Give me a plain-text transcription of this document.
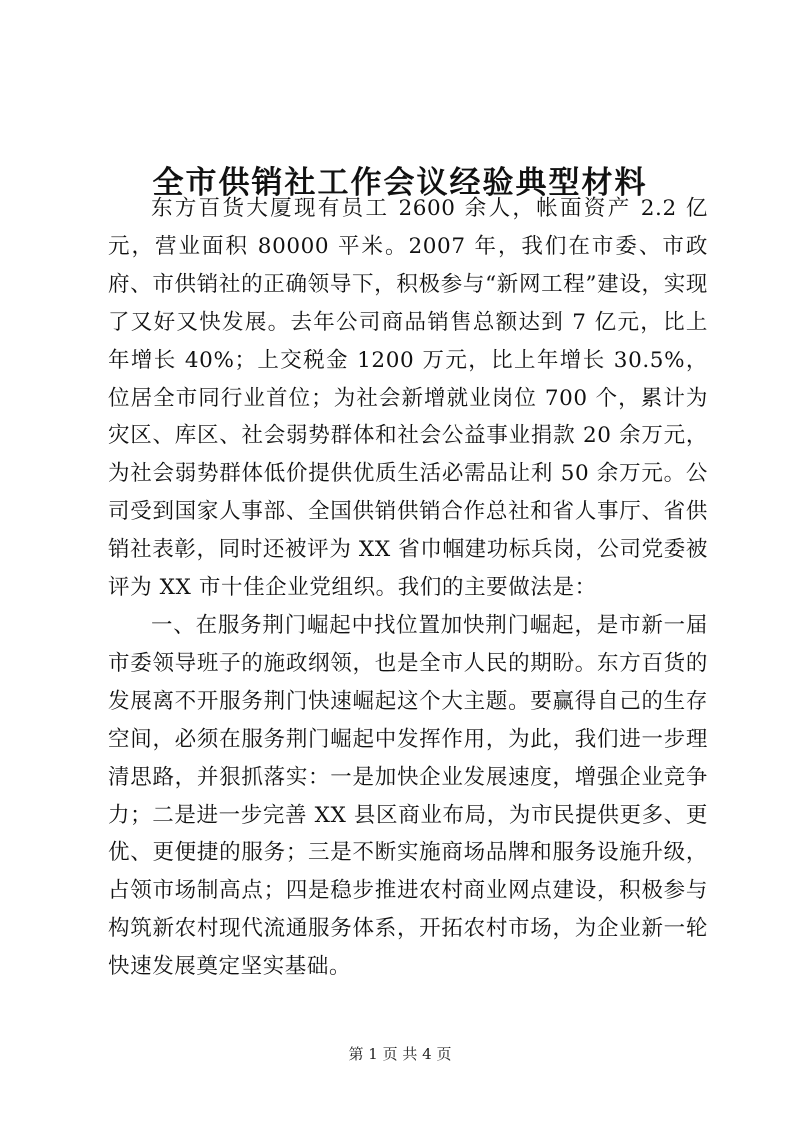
全市供销社工作会议经验典型材料

东方百货大厦现有员工 2600 余人，帐面资产 2.2 亿元，营业面积 80000 平米。2007 年，我们在市委、市政府、市供销社的正确领导下，积极参与“新网工程”建设，实现了又好又快发展。去年公司商品销售总额达到 7 亿元，比上年增长 40%；上交税金 1200 万元，比上年增长 30.5%，位居全市同行业首位；为社会新增就业岗位 700 个，累计为灾区、库区、社会弱势群体和社会公益事业捐款 20 余万元，为社会弱势群体低价提供优质生活必需品让利 50 余万元。公司受到国家人事部、全国供销供销合作总社和省人事厅、省供销社表彰，同时还被评为 XX 省巾帼建功标兵岗，公司党委被评为 XX 市十佳企业党组织。我们的主要做法是：

一、在服务荆门崛起中找位置加快荆门崛起，是市新一届市委领导班子的施政纲领，也是全市人民的期盼。东方百货的发展离不开服务荆门快速崛起这个大主题。要赢得自己的生存空间，必须在服务荆门崛起中发挥作用，为此，我们进一步理清思路，并狠抓落实：一是加快企业发展速度，增强企业竞争力；二是进一步完善 XX 县区商业布局，为市民提供更多、更优、更便捷的服务；三是不断实施商场品牌和服务设施升级，占领市场制高点；四是稳步推进农村商业网点建设，积极参与构筑新农村现代流通服务体系，开拓农村市场，为企业新一轮快速发展奠定坚实基础。

第 1 页 共 4 页
